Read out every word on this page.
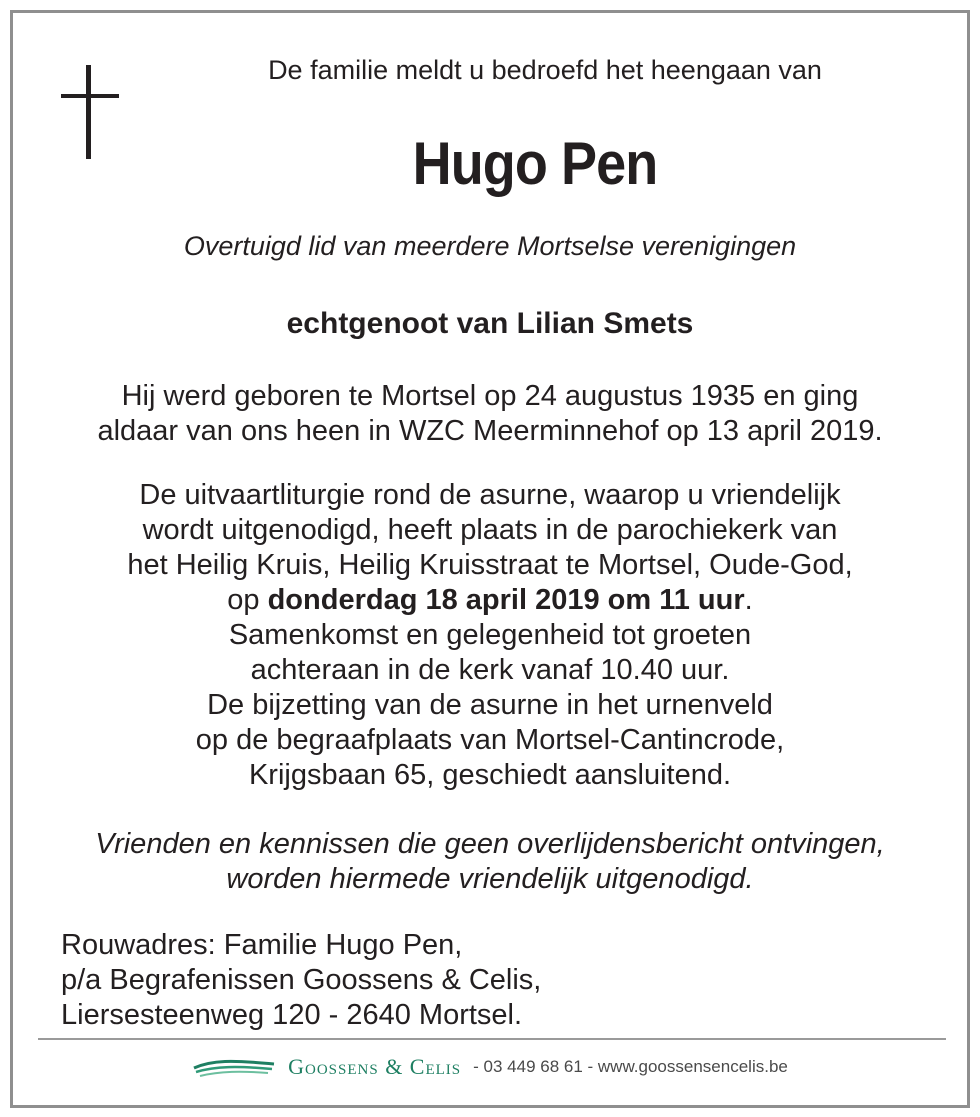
De familie meldt u bedroefd het heengaan van
Hugo Pen
Overtuigd lid van meerdere Mortselse verenigingen
echtgenoot van Lilian Smets
Hij werd geboren te Mortsel op 24 augustus 1935 en ging
aldaar van ons heen in WZC Meerminnehof op 13 april 2019.
De uitvaartliturgie rond de asurne, waarop u vriendelijk
wordt uitgenodigd, heeft plaats in de parochiekerk van
het Heilig Kruis, Heilig Kruisstraat te Mortsel, Oude-God,
op donderdag 18 april 2019 om 11 uur.
Samenkomst en gelegenheid tot groeten
achteraan in de kerk vanaf 10.40 uur.
De bijzetting van de asurne in het urnenveld
op de begraafplaats van Mortsel-Cantincrode,
Krijgsbaan 65, geschiedt aansluitend.
Vrienden en kennissen die geen overlijdensbericht ontvingen,
worden hiermede vriendelijk uitgenodigd.
Rouwadres: Familie Hugo Pen,
p/a Begrafenissen Goossens & Celis,
Liersesteenweg 120 - 2640 Mortsel.
Goossens & Celis - 03 449 68 61 - www.goossensencelis.be
